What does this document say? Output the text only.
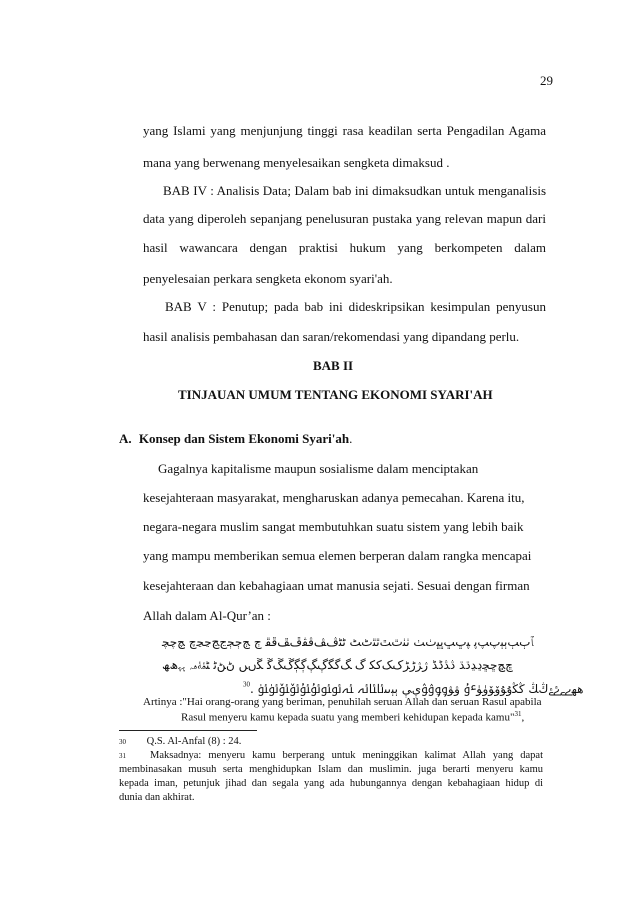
29
yang Islami yang menjunjung tinggi rasa keadilan serta Pengadilan Agama
mana yang berwenang menyelesaikan sengketa dimaksud .
BAB IV : Analisis Data; Dalam bab ini dimaksudkan untuk menganalisis
data yang diperoleh sepanjang penelusuran pustaka yang relevan mapun dari
hasil wawancara dengan praktisi hukum yang berkompeten dalam
penyelesaian perkara sengketa ekonom syari'ah.
BAB V : Penutup; pada bab ini dideskripsikan kesimpulan penyusun
hasil analisis pembahasan dan saran/rekomendasi yang dipandang perlu.
BAB II
TINJAUAN UMUM TENTANG EKONOMI SYARI'AH
A. Konsep dan Sistem Ekonomi Syari'ah.
Gagalnya kapitalisme maupun sosialisme dalam menciptakan
kesejahteraan masyarakat, mengharuskan adanya pemecahan. Karena itu,
negara-negara muslim sangat membutuhkan suatu sistem yang lebih baik
yang mampu memberikan semua elemen berperan dalam rangka mencapai
kesejahteraan dan kebahagiaan umat manusia sejati. Sesuai dengan firman
Allah dalam Al-Qur’an :
ﭑﭒﭓﭔﭕﭖﭗﭘ ﭙﭚﭛﭜﭝﭞﭟ ﭠﭡﭢﭣﭤﭥﭦﭧ ﭨﭩﭪﭫﭬﭭﭮﭯﭰﭱ ﭲ ﭳﭴﭵﭶﭷﭸﭹﭺ ﭻﭼﭽ
ﭾﭿﮀﮁﮂﮃﮄﮅ ﮆﮇﮈﮉ ﮊﮋﮌﮍﮎﮏﮐﮑ ﮒ ﮓﮔﮕﮖﮗﮘﮙﮚﮛﮜ ﮝﮞﮟ ﮠﮡﮢ ﮣﮤﮥﮦﮧ ﮨﮩﮪﮫ
$^{30}$. ﮬﮭﮮﮯﮰﮱﯓﯔ ﯕﯖﯗﯘﯙﯚﯛﯜﯝ ﯞﯟﯠﯡﯢﯣﯤﯥ ﯦﯧﯨﯩﯪﯫﯬ ﯭﯮﯯﯰﯱﯲﯳﯴﯵ
Artinya :"Hai orang-orang yang beriman, penuhilah seruan Allah dan seruan Rasul apabila
Rasul menyeru kamu kepada suatu yang memberi kehidupan kepada kamu"$^{31}$,
$^{30}$ Q.S. Al-Anfal (8) : 24.
$^{31}$	Maksadnya: menyeru kamu berperang untuk meninggikan kalimat Allah yang dapat
membinasakan musuh serta menghidupkan Islam dan muslimin. juga berarti menyeru kamu
kepada iman, petunjuk jihad dan segala yang ada hubungannya dengan kebahagiaan hidup di
dunia dan akhirat.
